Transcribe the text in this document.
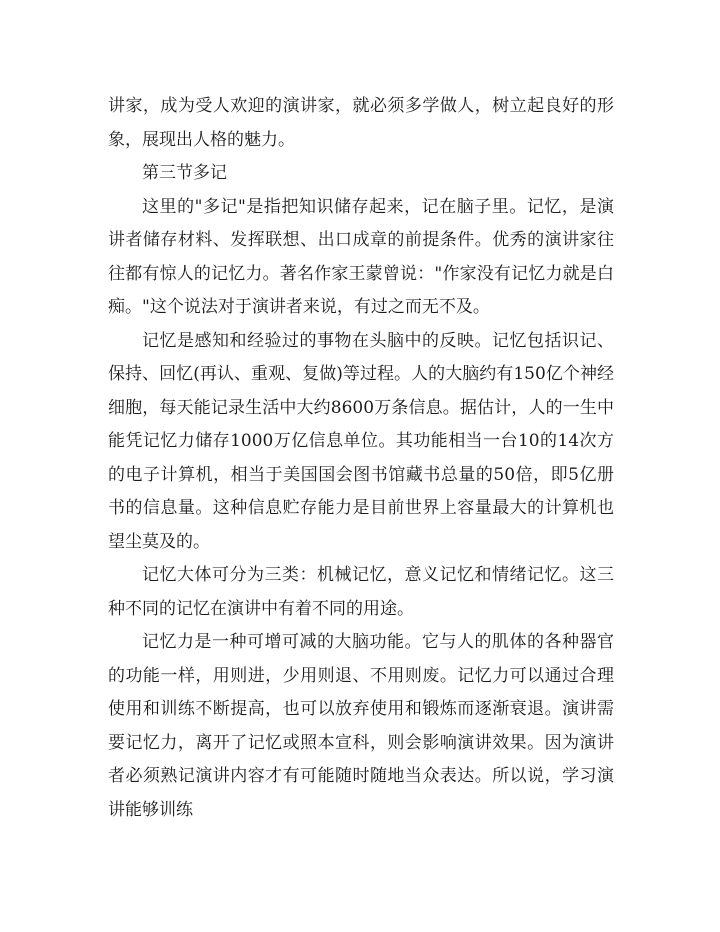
讲家，成为受人欢迎的演讲家，就必须多学做人，树立起良好的形象，展现出人格的魅力。

第三节多记

这里的"多记"是指把知识储存起来，记在脑子里。记忆，是演讲者储存材料、发挥联想、出口成章的前提条件。优秀的演讲家往往都有惊人的记忆力。著名作家王蒙曾说："作家没有记忆力就是白痴。"这个说法对于演讲者来说，有过之而无不及。

记忆是感知和经验过的事物在头脑中的反映。记忆包括识记、保持、回忆(再认、重观、复做)等过程。人的大脑约有150亿个神经细胞，每天能记录生活中大约8600万条信息。据估计，人的一生中能凭记忆力储存1000万亿信息单位。其功能相当一台10的14次方的电子计算机，相当于美国国会图书馆藏书总量的50倍，即5亿册书的信息量。这种信息贮存能力是目前世界上容量最大的计算机也望尘莫及的。

记忆大体可分为三类：机械记忆，意义记忆和情绪记忆。这三种不同的记忆在演讲中有着不同的用途。

记忆力是一种可增可减的大脑功能。它与人的肌体的各种器官的功能一样，用则进，少用则退、不用则废。记忆力可以通过合理使用和训练不断提高，也可以放弃使用和锻炼而逐渐衰退。演讲需要记忆力，离开了记忆或照本宣科，则会影响演讲效果。因为演讲者必须熟记演讲内容才有可能随时随地当众表达。所以说，学习演讲能够训练
